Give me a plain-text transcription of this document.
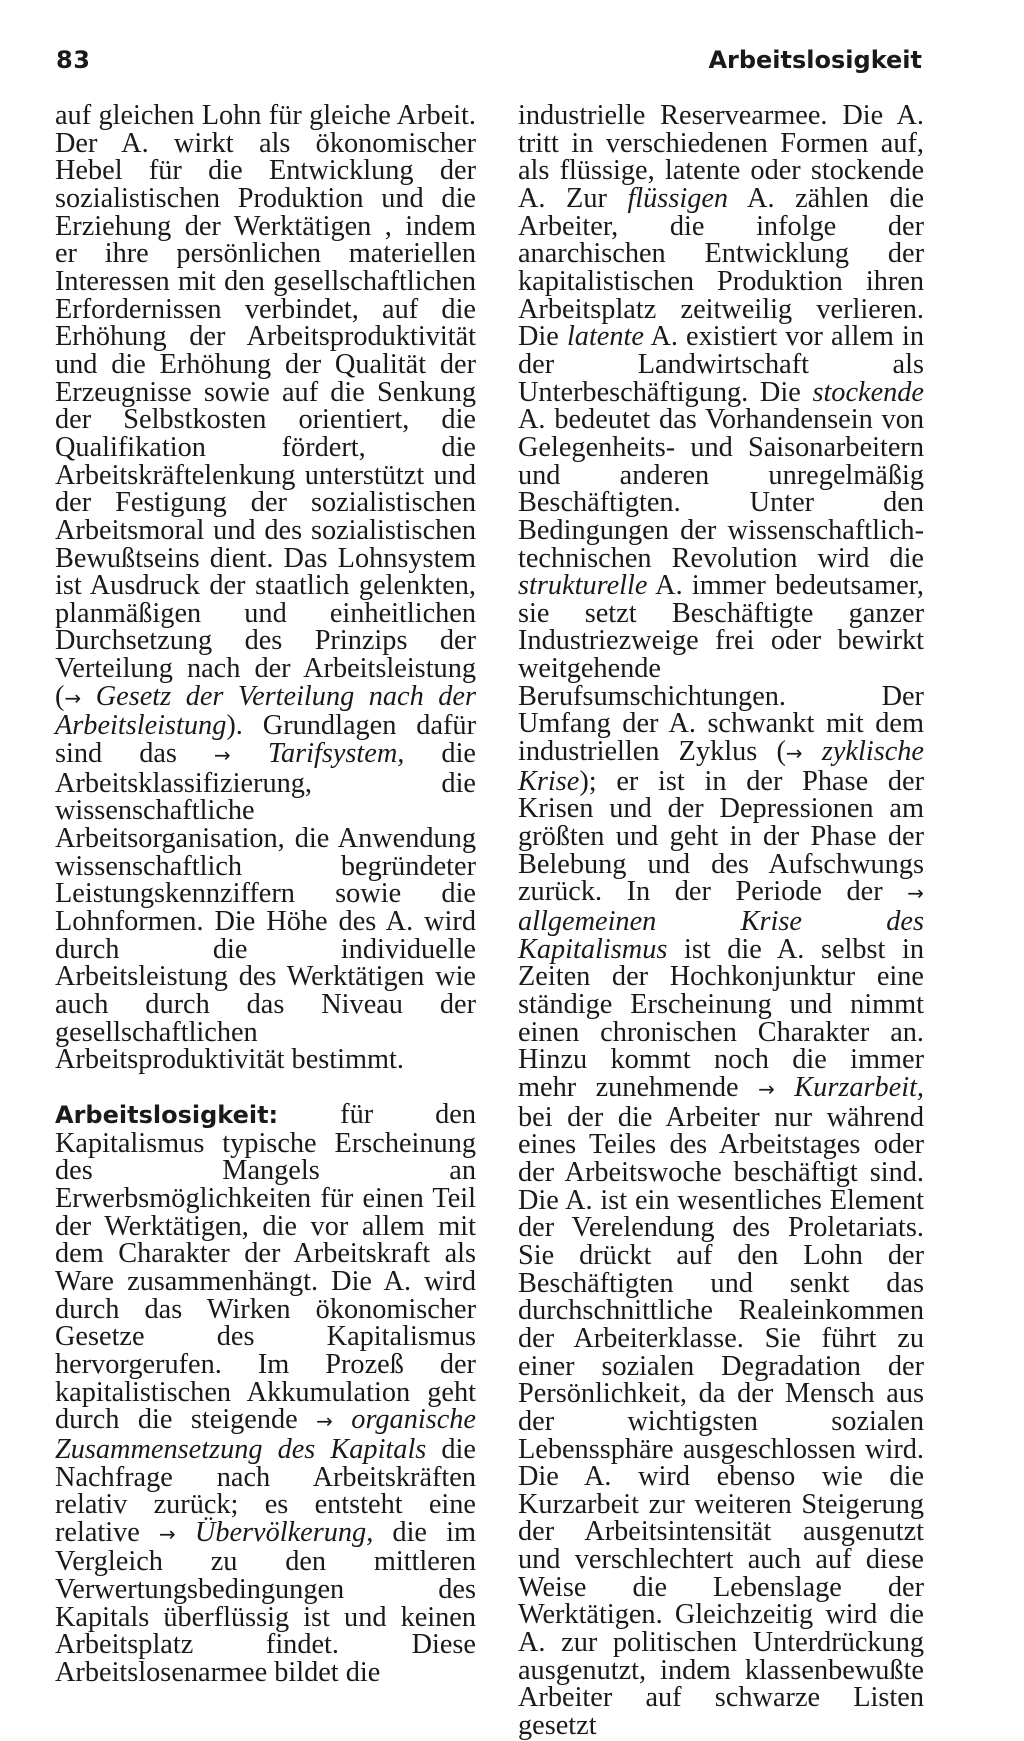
83	Arbeitslosigkeit

auf gleichen Lohn für gleiche Arbeit. Der A. wirkt als ökonomischer Hebel für die Entwicklung der sozialistischen Produktion und die Erziehung der Werktätigen , indem er ihre persönlichen materiellen Interessen mit den gesellschaftlichen Erfordernissen verbindet, auf die Erhöhung der Arbeitsproduktivität und die Erhöhung der Qualität der Erzeugnisse sowie auf die Senkung der Selbstkosten orientiert, die Qualifikation fördert, die Arbeitskräftelenkung unterstützt und der Festigung der sozialistischen Arbeitsmoral und des sozialistischen Bewußtseins dient. Das Lohnsystem ist Ausdruck der staatlich gelenkten, planmäßigen und einheitlichen Durchsetzung des Prinzips der Verteilung nach der Arbeitsleistung (→ Gesetz der Verteilung nach der Arbeitsleistung). Grundlagen dafür sind das → Tarifsystem, die Arbeitsklassifizierung, die wissenschaftliche Arbeitsorganisation, die Anwendung wissenschaftlich begründeter Leistungskennziffern sowie die Lohnformen. Die Höhe des A. wird durch die individuelle Arbeitsleistung des Werktätigen wie auch durch das Niveau der gesellschaftlichen Arbeitsproduktivität bestimmt.

Arbeitslosigkeit: für den Kapitalismus typische Erscheinung des Mangels an Erwerbsmöglichkeiten für einen Teil der Werktätigen, die vor allem mit dem Charakter der Arbeitskraft als Ware zusammenhängt. Die A. wird durch das Wirken ökonomischer Gesetze des Kapitalismus hervorgerufen. Im Prozeß der kapitalistischen Akkumulation geht durch die steigende → organische Zusammensetzung des Kapitals die Nachfrage nach Arbeitskräften relativ zurück; es entsteht eine relative → Übervölkerung, die im Vergleich zu den mittleren Verwertungsbedingungen des Kapitals überflüssig ist und keinen Arbeitsplatz findet. Diese Arbeitslosenarmee bildet die

industrielle Reservearmee. Die A. tritt in verschiedenen Formen auf, als flüssige, latente oder stockende A. Zur flüssigen A. zählen die Arbeiter, die infolge der anarchischen Entwicklung der kapitalistischen Produktion ihren Arbeitsplatz zeitweilig verlieren. Die latente A. existiert vor allem in der Landwirtschaft als Unterbeschäftigung. Die stockende A. bedeutet das Vorhandensein von Gelegenheits- und Saisonarbeitern und anderen unregelmäßig Beschäftigten. Unter den Bedingungen der wissenschaftlich-technischen Revolution wird die strukturelle A. immer bedeutsamer, sie setzt Beschäftigte ganzer Industriezweige frei oder bewirkt weitgehende Berufsumschichtungen. Der Umfang der A. schwankt mit dem industriellen Zyklus (→ zyklische Krise); er ist in der Phase der Krisen und der Depressionen am größten und geht in der Phase der Belebung und des Aufschwungs zurück. In der Periode der → allgemeinen Krise des Kapitalismus ist die A. selbst in Zeiten der Hochkonjunktur eine ständige Erscheinung und nimmt einen chronischen Charakter an. Hinzu kommt noch die immer mehr zunehmende → Kurzarbeit, bei der die Arbeiter nur während eines Teiles des Arbeitstages oder der Arbeitswoche beschäftigt sind. Die A. ist ein wesentliches Element der Verelendung des Proletariats. Sie drückt auf den Lohn der Beschäftigten und senkt das durchschnittliche Realeinkommen der Arbeiterklasse. Sie führt zu einer sozialen Degradation der Persönlichkeit, da der Mensch aus der wichtigsten sozialen Lebenssphäre ausgeschlossen wird. Die A. wird ebenso wie die Kurzarbeit zur weiteren Steigerung der Arbeitsintensität ausgenutzt und verschlechtert auch auf diese Weise die Lebenslage der Werktätigen. Gleichzeitig wird die A. zur politischen Unterdrückung ausgenutzt, indem klassenbewußte Arbeiter auf schwarze Listen gesetzt
